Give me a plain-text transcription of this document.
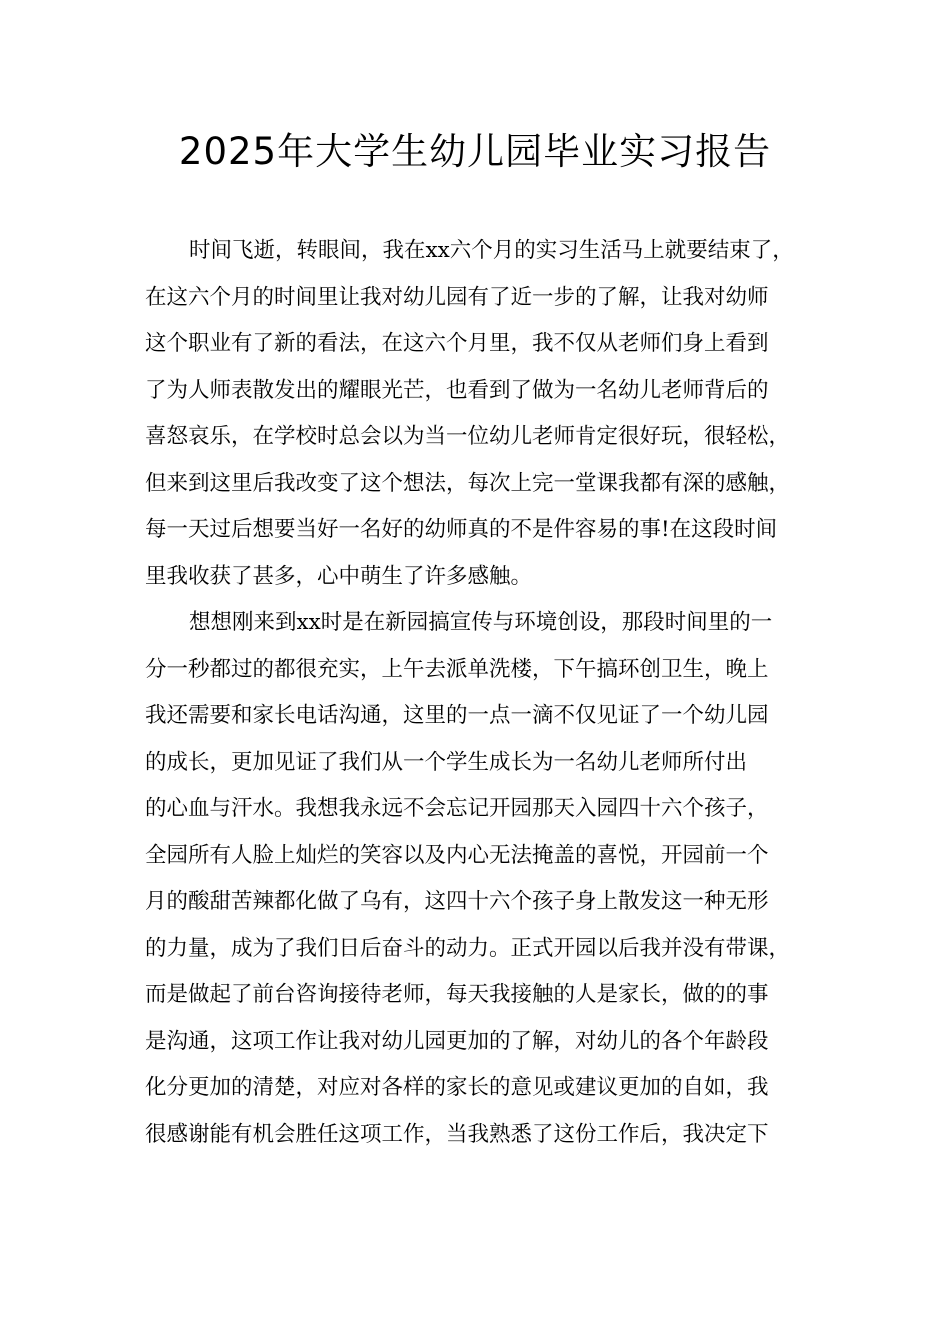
2025年大学生幼儿园毕业实习报告
时间飞逝，转眼间，我在xx六个月的实习生活马上就要结束了，
在这六个月的时间里让我对幼儿园有了近一步的了解，让我对幼师
这个职业有了新的看法，在这六个月里，我不仅从老师们身上看到
了为人师表散发出的耀眼光芒，也看到了做为一名幼儿老师背后的
喜怒哀乐，在学校时总会以为当一位幼儿老师肯定很好玩，很轻松，
但来到这里后我改变了这个想法，每次上完一堂课我都有深的感触，
每一天过后想要当好一名好的幼师真的不是件容易的事!在这段时间
里我收获了甚多，心中萌生了许多感触。
想想刚来到xx时是在新园搞宣传与环境创设，那段时间里的一
分一秒都过的都很充实，上午去派单洗楼，下午搞环创卫生，晚上
我还需要和家长电话沟通，这里的一点一滴不仅见证了一个幼儿园
的成长，更加见证了我们从一个学生成长为一名幼儿老师所付出
的心血与汗水。我想我永远不会忘记开园那天入园四十六个孩子，
全园所有人脸上灿烂的笑容以及内心无法掩盖的喜悦，开园前一个
月的酸甜苦辣都化做了乌有，这四十六个孩子身上散发这一种无形
的力量，成为了我们日后奋斗的动力。正式开园以后我并没有带课，
而是做起了前台咨询接待老师，每天我接触的人是家长，做的的事
是沟通，这项工作让我对幼儿园更加的了解，对幼儿的各个年龄段
化分更加的清楚，对应对各样的家长的意见或建议更加的自如，我
很感谢能有机会胜任这项工作，当我熟悉了这份工作后，我决定下
